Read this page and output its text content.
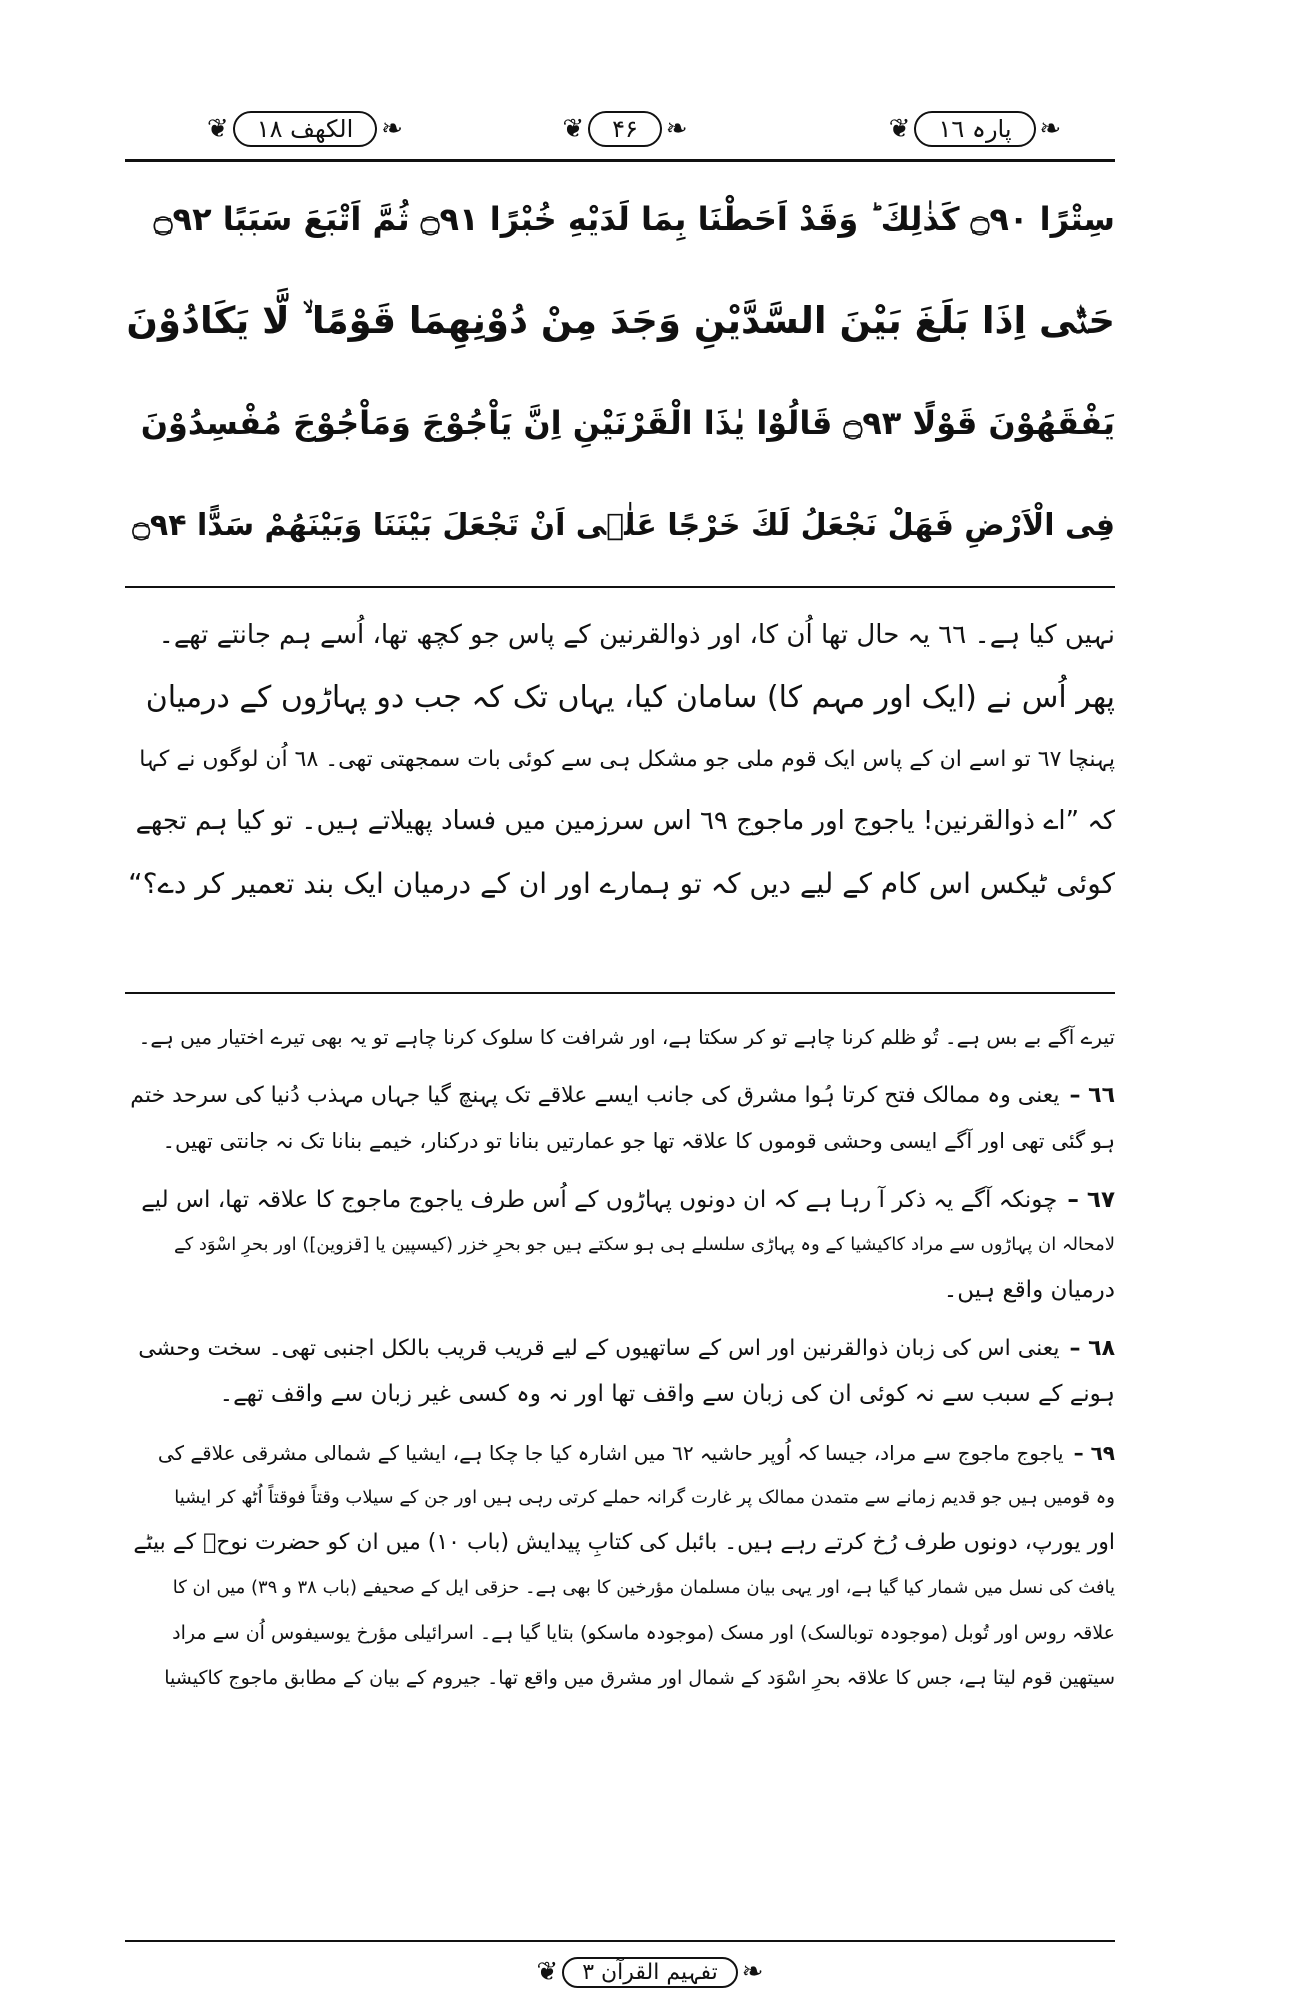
❦	الکھف ۱۸	❧	❦	۴۶	❧	❦	پارہ ۱٦	❧
سِتْرًا ۝۹۰ كَذٰلِكَ ؕ وَقَدْ اَحَطْنَا بِمَا لَدَيْهِ خُبْرًا ۝۹۱ ثُمَّ اَتْبَعَ سَبَبًا ۝۹۲
حَتّٰۤى اِذَا بَلَغَ بَيْنَ السَّدَّيْنِ وَجَدَ مِنْ دُوْنِهِمَا قَوْمًا ۙ لَّا يَكَادُوْنَ
يَفْقَهُوْنَ قَوْلًا ۝۹۳ قَالُوْا يٰذَا الْقَرْنَيْنِ اِنَّ يَاْجُوْجَ وَمَاْجُوْجَ مُفْسِدُوْنَ
فِى الْاَرْضِ فَهَلْ نَجْعَلُ لَكَ خَرْجًا عَلٰۤى اَنْ تَجْعَلَ بَيْنَنَا وَبَيْنَهُمْ سَدًّا ۝۹۴
نہیں کیا ہے۔ ٦٦ یہ حال تھا اُن کا، اور ذوالقرنین کے پاس جو کچھ تھا، اُسے ہم جانتے تھے۔
پھر اُس نے (ایک اور مہم کا) سامان کیا، یہاں تک کہ جب دو پہاڑوں کے درمیان
پہنچا ٦٧ تو اسے ان کے پاس ایک قوم ملی جو مشکل ہی سے کوئی بات سمجھتی تھی۔ ٦٨ اُن لوگوں نے کہا
کہ ”اے ذوالقرنین! یاجوج اور ماجوج ٦٩ اس سرزمین میں فساد پھیلاتے ہیں۔ تو کیا ہم تجھے
کوئی ٹیکس اس کام کے لیے دیں کہ تو ہمارے اور ان کے درمیان ایک بند تعمیر کر دے؟“
تیرے آگے بے بس ہے۔ تُو ظلم کرنا چاہے تو کر سکتا ہے، اور شرافت کا سلوک کرنا چاہے تو یہ بھی تیرے اختیار میں ہے۔
٦٦ –
یعنی وہ ممالک فتح کرتا ہُوا مشرق کی جانب ایسے علاقے تک پہنچ گیا جہاں مہذب دُنیا کی سرحد ختم
ہو گئی تھی اور آگے ایسی وحشی قوموں کا علاقہ تھا جو عمارتیں بنانا تو درکنار، خیمے بنانا تک نہ جانتی تھیں۔
٦٧ –
چونکہ آگے یہ ذکر آ رہا ہے کہ ان دونوں پہاڑوں کے اُس طرف یاجوج ماجوج کا علاقہ تھا، اس لیے
لامحالہ ان پہاڑوں سے مراد کاکیشیا کے وہ پہاڑی سلسلے ہی ہو سکتے ہیں جو بحرِ خزر (کیسپین یا [قزوین]) اور بحرِ اسْوَد کے
درمیان واقع ہیں۔
٦٨ –
یعنی اس کی زبان ذوالقرنین اور اس کے ساتھیوں کے لیے قریب قریب بالکل اجنبی تھی۔ سخت وحشی
ہونے کے سبب سے نہ کوئی ان کی زبان سے واقف تھا اور نہ وہ کسی غیر زبان سے واقف تھے۔
٦٩ –
یاجوج ماجوج سے مراد، جیسا کہ اُوپر حاشیہ ٦٢ میں اشارہ کیا جا چکا ہے، ایشیا کے شمالی مشرقی علاقے کی
وہ قومیں ہیں جو قدیم زمانے سے متمدن ممالک پر غارت گرانہ حملے کرتی رہی ہیں اور جن کے سیلاب وقتاً فوقتاً اُٹھ کر ایشیا
اور یورپ، دونوں طرف رُخ کرتے رہے ہیں۔ بائبل کی کتابِ پیدایش (باب ١٠) میں ان کو حضرت نوحؑ کے بیٹے
یافث کی نسل میں شمار کیا گیا ہے، اور یہی بیان مسلمان مؤرخین کا بھی ہے۔ حزقی ایل کے صحیفے (باب ٣٨ و ٣٩) میں ان کا
علاقہ روس اور تُوبل (موجودہ توبالسک) اور مسک (موجودہ ماسکو) بتایا گیا ہے۔ اسرائیلی مؤرخ یوسیفوس اُن سے مراد
سیتھین قوم لیتا ہے، جس کا علاقہ بحرِ اسْوَد کے شمال اور مشرق میں واقع تھا۔ جیروم کے بیان کے مطابق ماجوج کاکیشیا
❦	تفہیم القرآن ٣ ❧
